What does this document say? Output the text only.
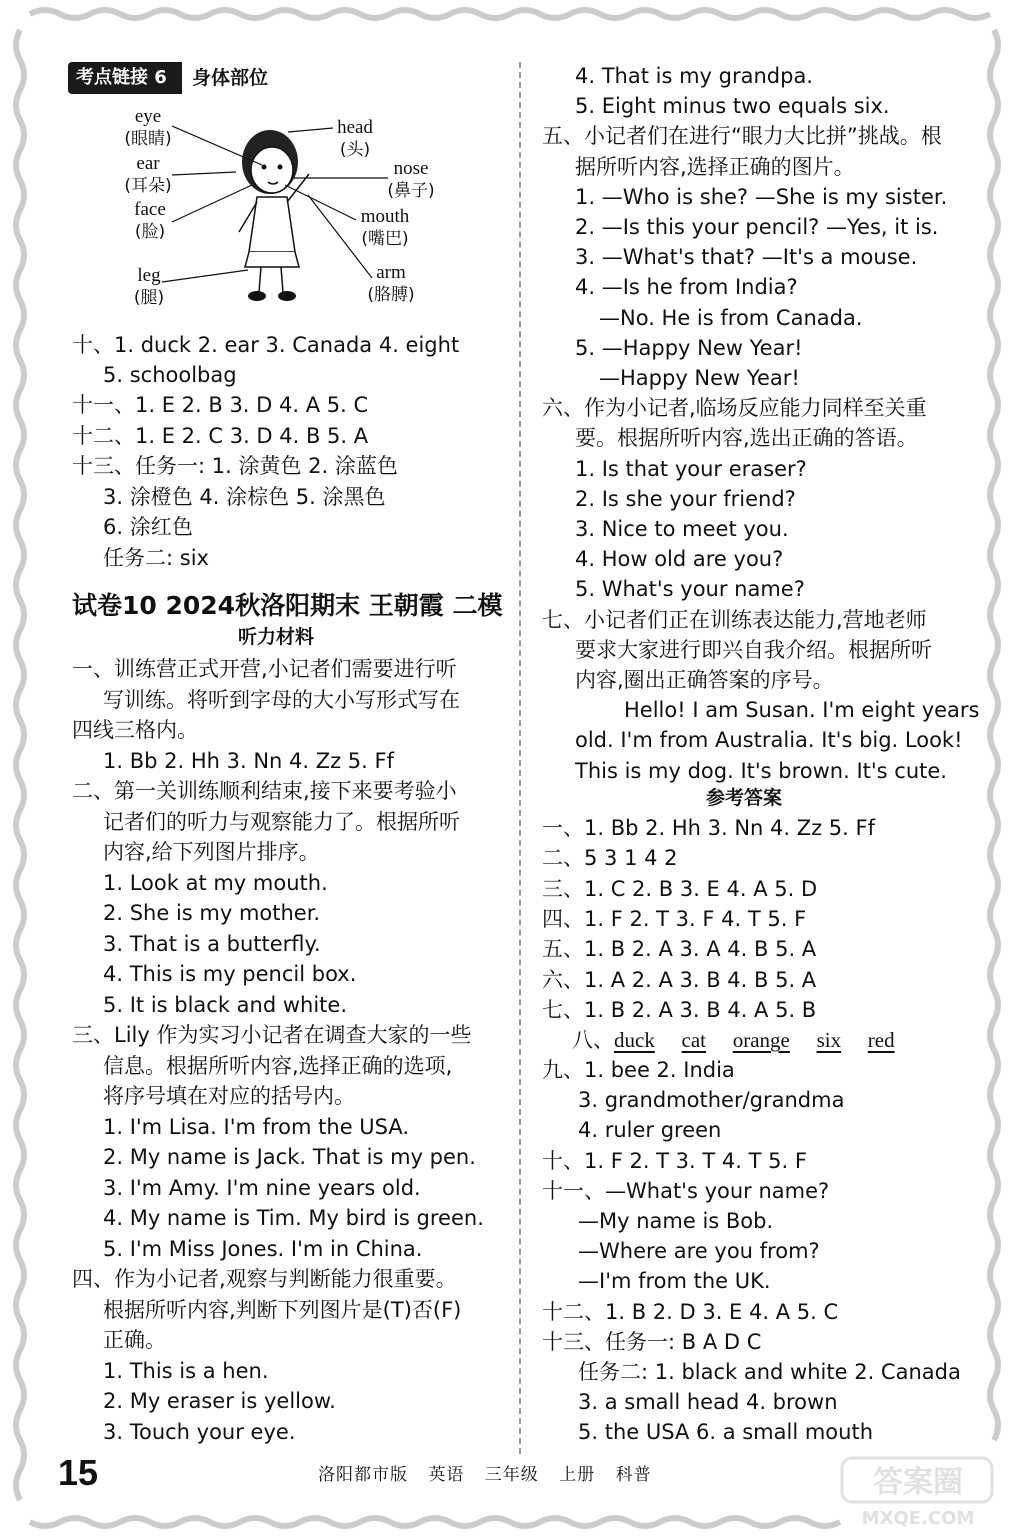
考点链接 6	身体部位
eye
(眼睛)
ear
(耳朵)
face
(脸)
leg
(腿)
head
(头)
nose
(鼻子)
mouth
(嘴巴)
arm
(胳膊)
十、1. duck 2. ear 3. Canada 4. eight
5. schoolbag
十一、1. E 2. B 3. D 4. A 5. C
十二、1. E 2. C 3. D 4. B 5. A
十三、任务一: 1. 涂黄色 2. 涂蓝色
3. 涂橙色 4. 涂棕色 5. 涂黑色
6. 涂红色
任务二: six
试卷10 2024秋洛阳期末 王朝霞 二模
听力材料
一、训练营正式开营,小记者们需要进行听
写训练。将听到字母的大小写形式写在
四线三格内。
1. Bb 2. Hh 3. Nn 4. Zz 5. Ff
二、第一关训练顺利结束,接下来要考验小
记者们的听力与观察能力了。根据所听
内容,给下列图片排序。
1. Look at my mouth.
2. She is my mother.
3. That is a butterfly.
4. This is my pencil box.
5. It is black and white.
三、Lily 作为实习小记者在调查大家的一些
信息。根据所听内容,选择正确的选项,
将序号填在对应的括号内。
1. I'm Lisa. I'm from the USA.
2. My name is Jack. That is my pen.
3. I'm Amy. I'm nine years old.
4. My name is Tim. My bird is green.
5. I'm Miss Jones. I'm in China.
四、作为小记者,观察与判断能力很重要。
根据所听内容,判断下列图片是(T)否(F)
正确。
1. This is a hen.
2. My eraser is yellow.
3. Touch your eye.
4. That is my grandpa.
5. Eight minus two equals six.
五、小记者们在进行“眼力大比拼”挑战。根
据所听内容,选择正确的图片。
1. —Who is she? —She is my sister.
2. —Is this your pencil? —Yes, it is.
3. —What's that? —It's a mouse.
4. —Is he from India?
—No. He is from Canada.
5. —Happy New Year!
—Happy New Year!
六、作为小记者,临场反应能力同样至关重
要。根据所听内容,选出正确的答语。
1. Is that your eraser?
2. Is she your friend?
3. Nice to meet you.
4. How old are you?
5. What's your name?
七、小记者们正在训练表达能力,营地老师
要求大家进行即兴自我介绍。根据所听
内容,圈出正确答案的序号。
Hello! I am Susan. I'm eight years
old. I'm from Australia. It's big. Look!
This is my dog. It's brown. It's cute.
参考答案
一、1. Bb 2. Hh 3. Nn 4. Zz 5. Ff
二、5 3 1 4 2
三、1. C 2. B 3. E 4. A 5. D
四、1. F 2. T 3. F 4. T 5. F
五、1. B 2. A 3. A 4. B 5. A
六、1. A 2. A 3. B 4. B 5. A
七、1. B 2. A 3. B 4. A 5. B
八、duck cat orange six red
九、1. bee 2. India
3. grandmother/grandma
4. ruler green
十、1. F 2. T 3. T 4. T 5. F
十一、—What's your name?
—My name is Bob.
—Where are you from?
—I'm from the UK.
十二、1. B 2. D 3. E 4. A 5. C
十三、任务一: B A D C
任务二: 1. black and white 2. Canada
3. a small head 4. brown
5. the USA 6. a small mouth
15	洛阳都市版 英语 三年级 上册 科普	答案圈
MXQE.COM
